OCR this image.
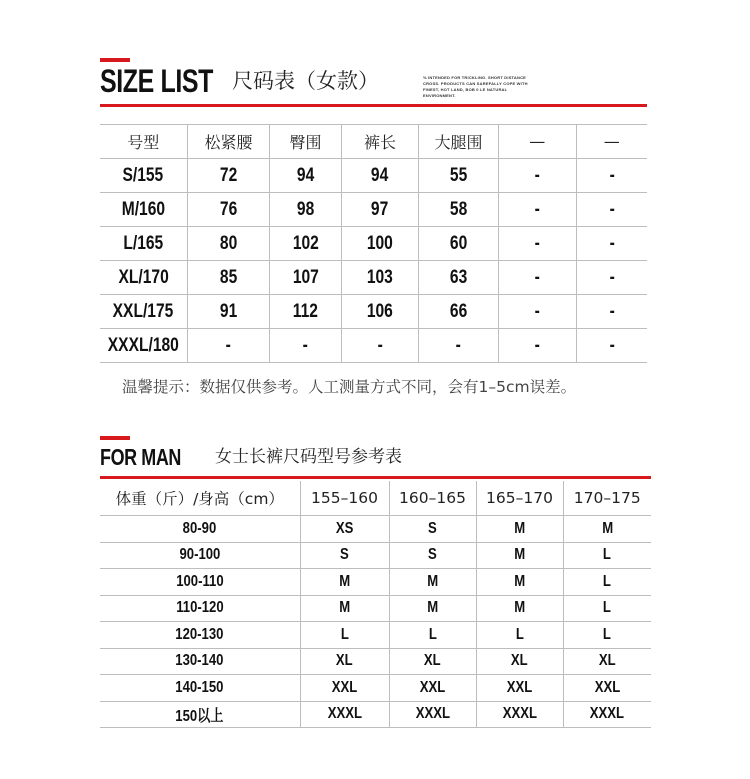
SIZE LIST 尺码表（女款）	% INTENDED FOR TRICKLING. SHORT DISTANCE CROSS. PRODUCTS CAN SAREFALLY COPE WITH FINEST, HOT LAND, BOB 0 LE NATURAL ENVIRONMENT.
号型	松紧腰	臀围	裤长	大腿围	—	—
S/155	72	94	94	55	-	-
M/160	76	98	97	58	-	-
L/165	80	102	100	60	-	-
XL/170	85	107	103	63	-	-
XXL/175	91	112	106	66	-	-
XXXL/180	-	-	-	-	-	-
温馨提示：数据仅供参考。人工测量方式不同，会有1–5cm误差。
FOR MAN 女士长裤尺码型号参考表
体重（斤）/身高（cm）	155–160	160–165	165–170	170–175
80-90	XS	S	M	M
90-100	S	S	M	L
100-110	M	M	M	L
110-120	M	M	M	L
120-130	L	L	L	L
130-140	XL	XL	XL	XL
140-150	XXL	XXL	XXL	XXL
150以上	XXXL	XXXL	XXXL	XXXL
